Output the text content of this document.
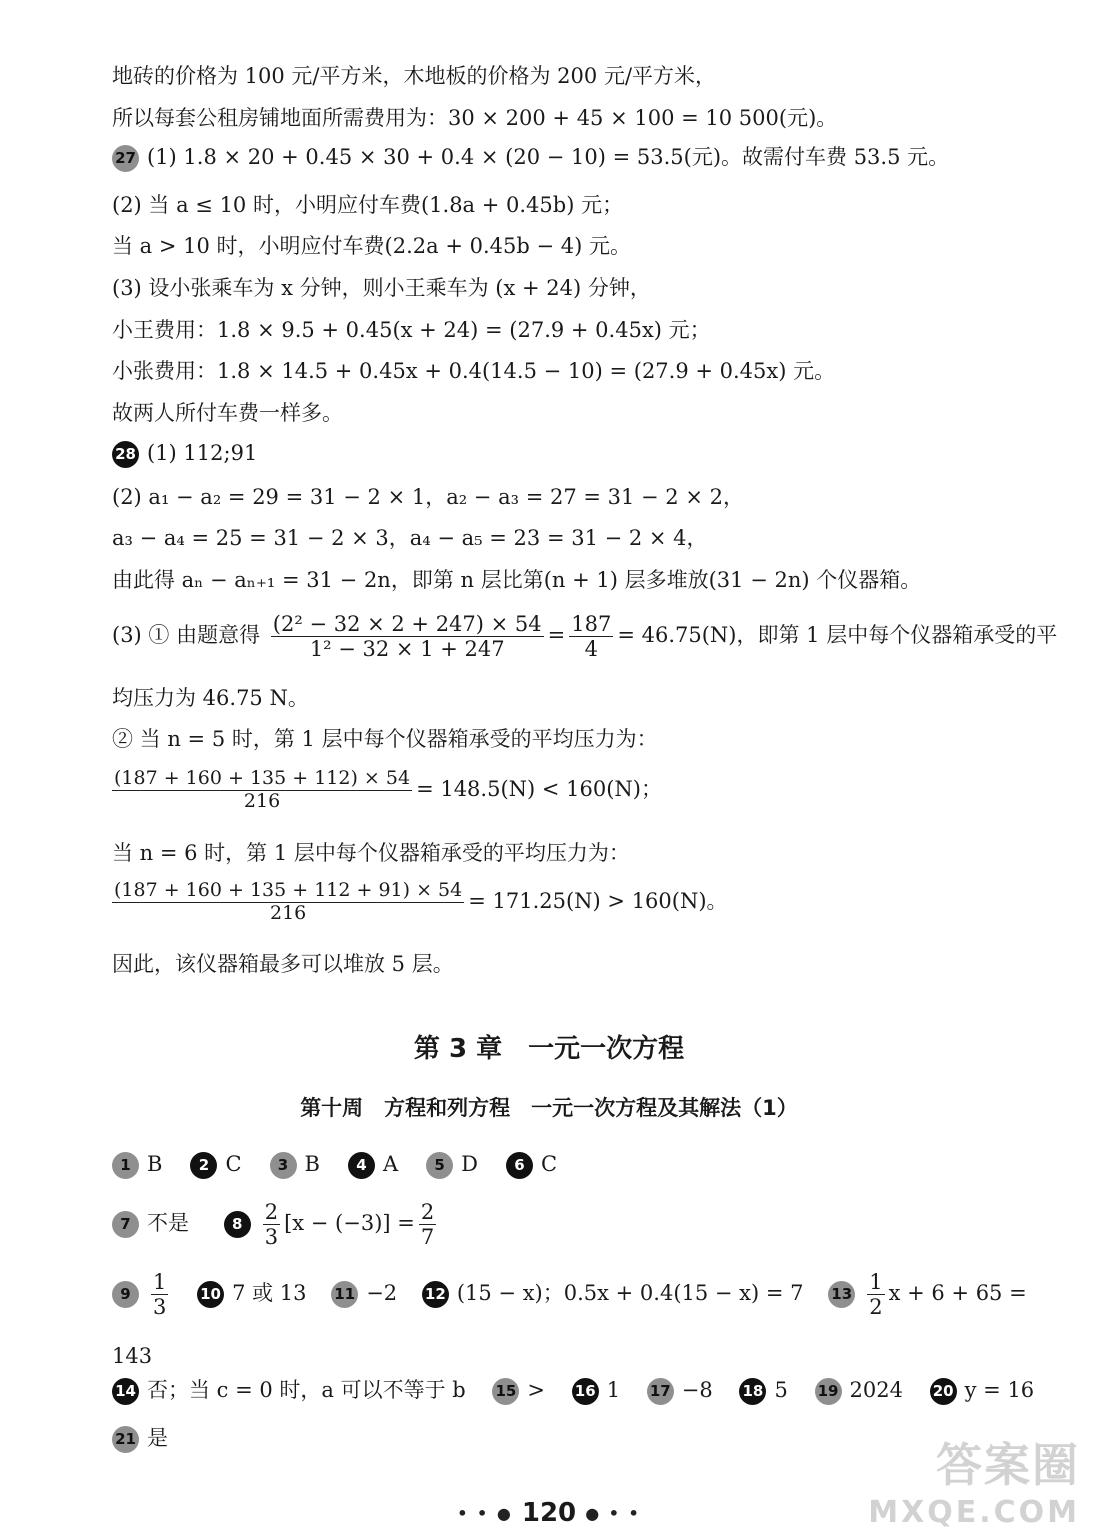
地砖的价格为 100 元/平方米，木地板的价格为 200 元/平方米，
所以每套公租房铺地面所需费用为：30 × 200 + 45 × 100 = 10 500(元)。
27 (1) 1.8 × 20 + 0.45 × 30 + 0.4 × (20 − 10) = 53.5(元)。故需付车费 53.5 元。
(2) 当 a ≤ 10 时，小明应付车费(1.8a + 0.45b) 元；
当 a > 10 时，小明应付车费(2.2a + 0.45b − 4) 元。
(3) 设小张乘车为 x 分钟，则小王乘车为 (x + 24) 分钟，
小王费用：1.8 × 9.5 + 0.45(x + 24) = (27.9 + 0.45x) 元；
小张费用：1.8 × 14.5 + 0.45x + 0.4(14.5 − 10) = (27.9 + 0.45x) 元。
故两人所付车费一样多。
28 (1) 112;91
(2) a₁ − a₂ = 29 = 31 − 2 × 1，a₂ − a₃ = 27 = 31 − 2 × 2，
a₃ − a₄ = 25 = 31 − 2 × 3，a₄ − a₅ = 23 = 31 − 2 × 4，
由此得 aₙ − aₙ₊₁ = 31 − 2n，即第 n 层比第(n + 1) 层多堆放(31 − 2n) 个仪器箱。
(3) ① 由题意得 $\frac{\text{(2² − 32 × 2 + 247) × 54}}{\text{1² − 32 × 1 + 247}} = \frac{187}{4} = 46.75(N)$，即第 1 层中每个仪器箱承受的平
均压力为 46.75 N。
② 当 n = 5 时，第 1 层中每个仪器箱承受的平均压力为：
$\frac{(187 + 160 + 135 + 112) \times 54}{216} = 148.5(N) < 160(N)$；
当 n = 6 时，第 1 层中每个仪器箱承受的平均压力为：
$\frac{(187 + 160 + 135 + 112 + 91) \times 54}{216} = 171.25(N) > 160(N)$。
因此，该仪器箱最多可以堆放 5 层。
第 3 章　一元一次方程
第十周　方程和列方程　一元一次方程及其解法（1）
1 B 2 C 3 B 4 A 5 D 6 C
7 不是	$8 \frac{2}{3} [x - (-3)] = \frac{2}{7}$
$9 \frac{1}{3} 10$ 7 或 13 11 −2 12 (15 − x)；0.5x + 0.4(15 − x) = 7 $13 \frac{1}{2}$ x + 6 + 65 =
143
14 否；当 c = 0 时，a 可以不等于 b 15 > 16 1 17 −8 18 5 19 2024 20 y = 16
21 是
• • ● 120 ● • •
答案圈
MXQE.COM
